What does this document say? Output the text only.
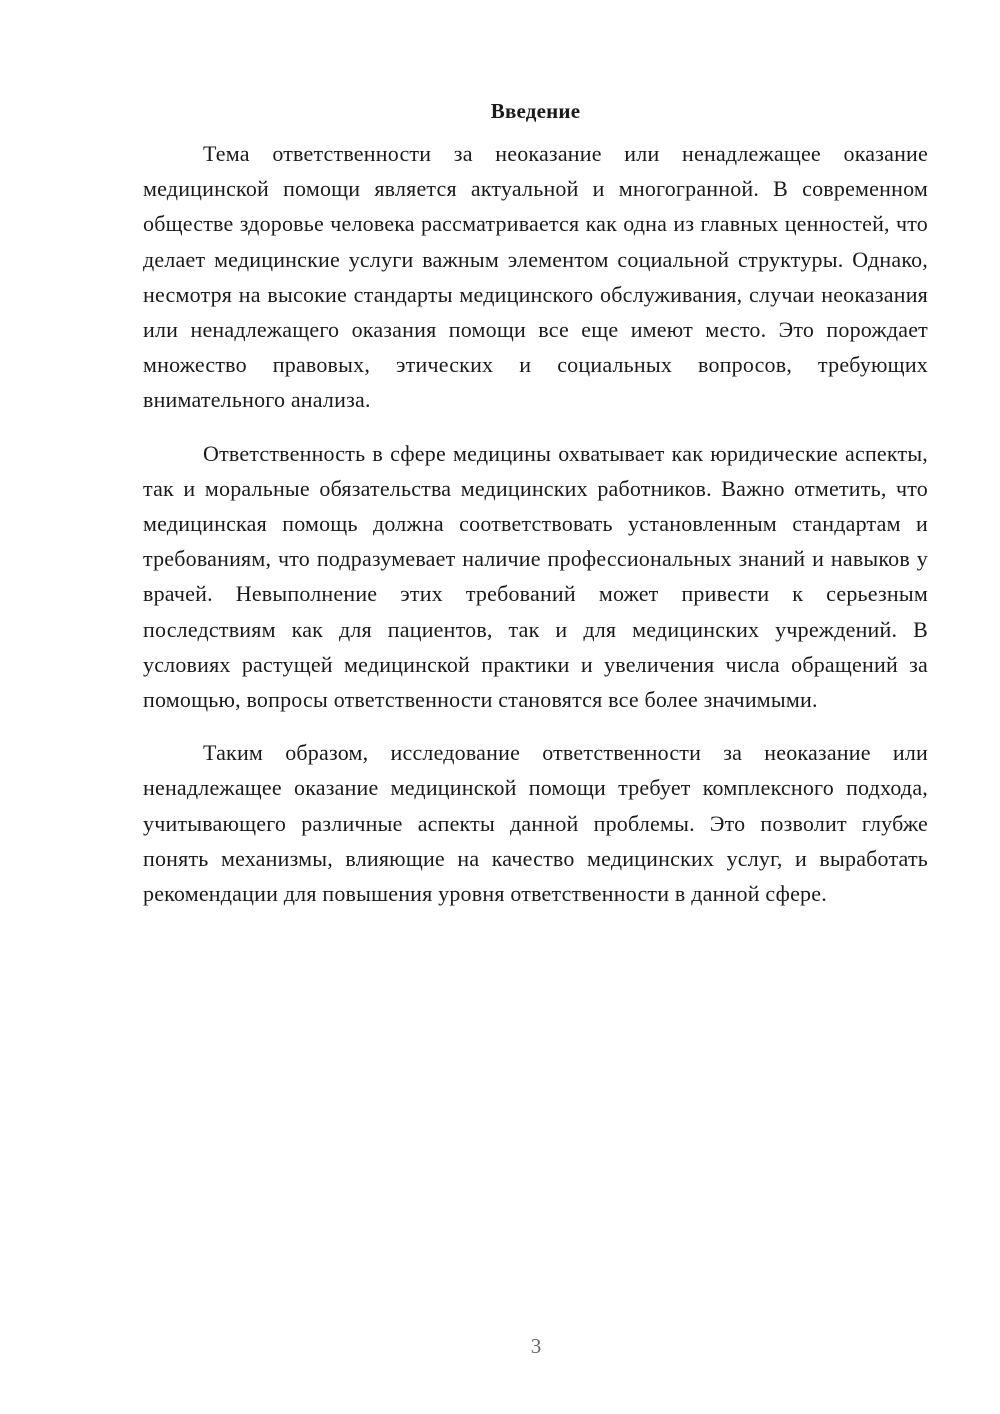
Введение

Тема ответственности за неоказание или ненадлежащее оказание медицинской помощи является актуальной и многогранной. В современном обществе здоровье человека рассматривается как одна из главных ценностей, что делает медицинские услуги важным элементом социальной структуры. Однако, несмотря на высокие стандарты медицинского обслуживания, случаи неоказания или ненадлежащего оказания помощи все еще имеют место. Это порождает множество правовых, этических и социальных вопросов, требующих внимательного анализа.

Ответственность в сфере медицины охватывает как юридические аспекты, так и моральные обязательства медицинских работников. Важно отметить, что медицинская помощь должна соответствовать установленным стандартам и требованиям, что подразумевает наличие профессиональных знаний и навыков у врачей. Невыполнение этих требований может привести к серьезным последствиям как для пациентов, так и для медицинских учреждений. В условиях растущей медицинской практики и увеличения числа обращений за помощью, вопросы ответственности становятся все более значимыми.

Таким образом, исследование ответственности за неоказание или ненадлежащее оказание медицинской помощи требует комплексного подхода, учитывающего различные аспекты данной проблемы. Это позволит глубже понять механизмы, влияющие на качество медицинских услуг, и выработать рекомендации для повышения уровня ответственности в данной сфере.

3
